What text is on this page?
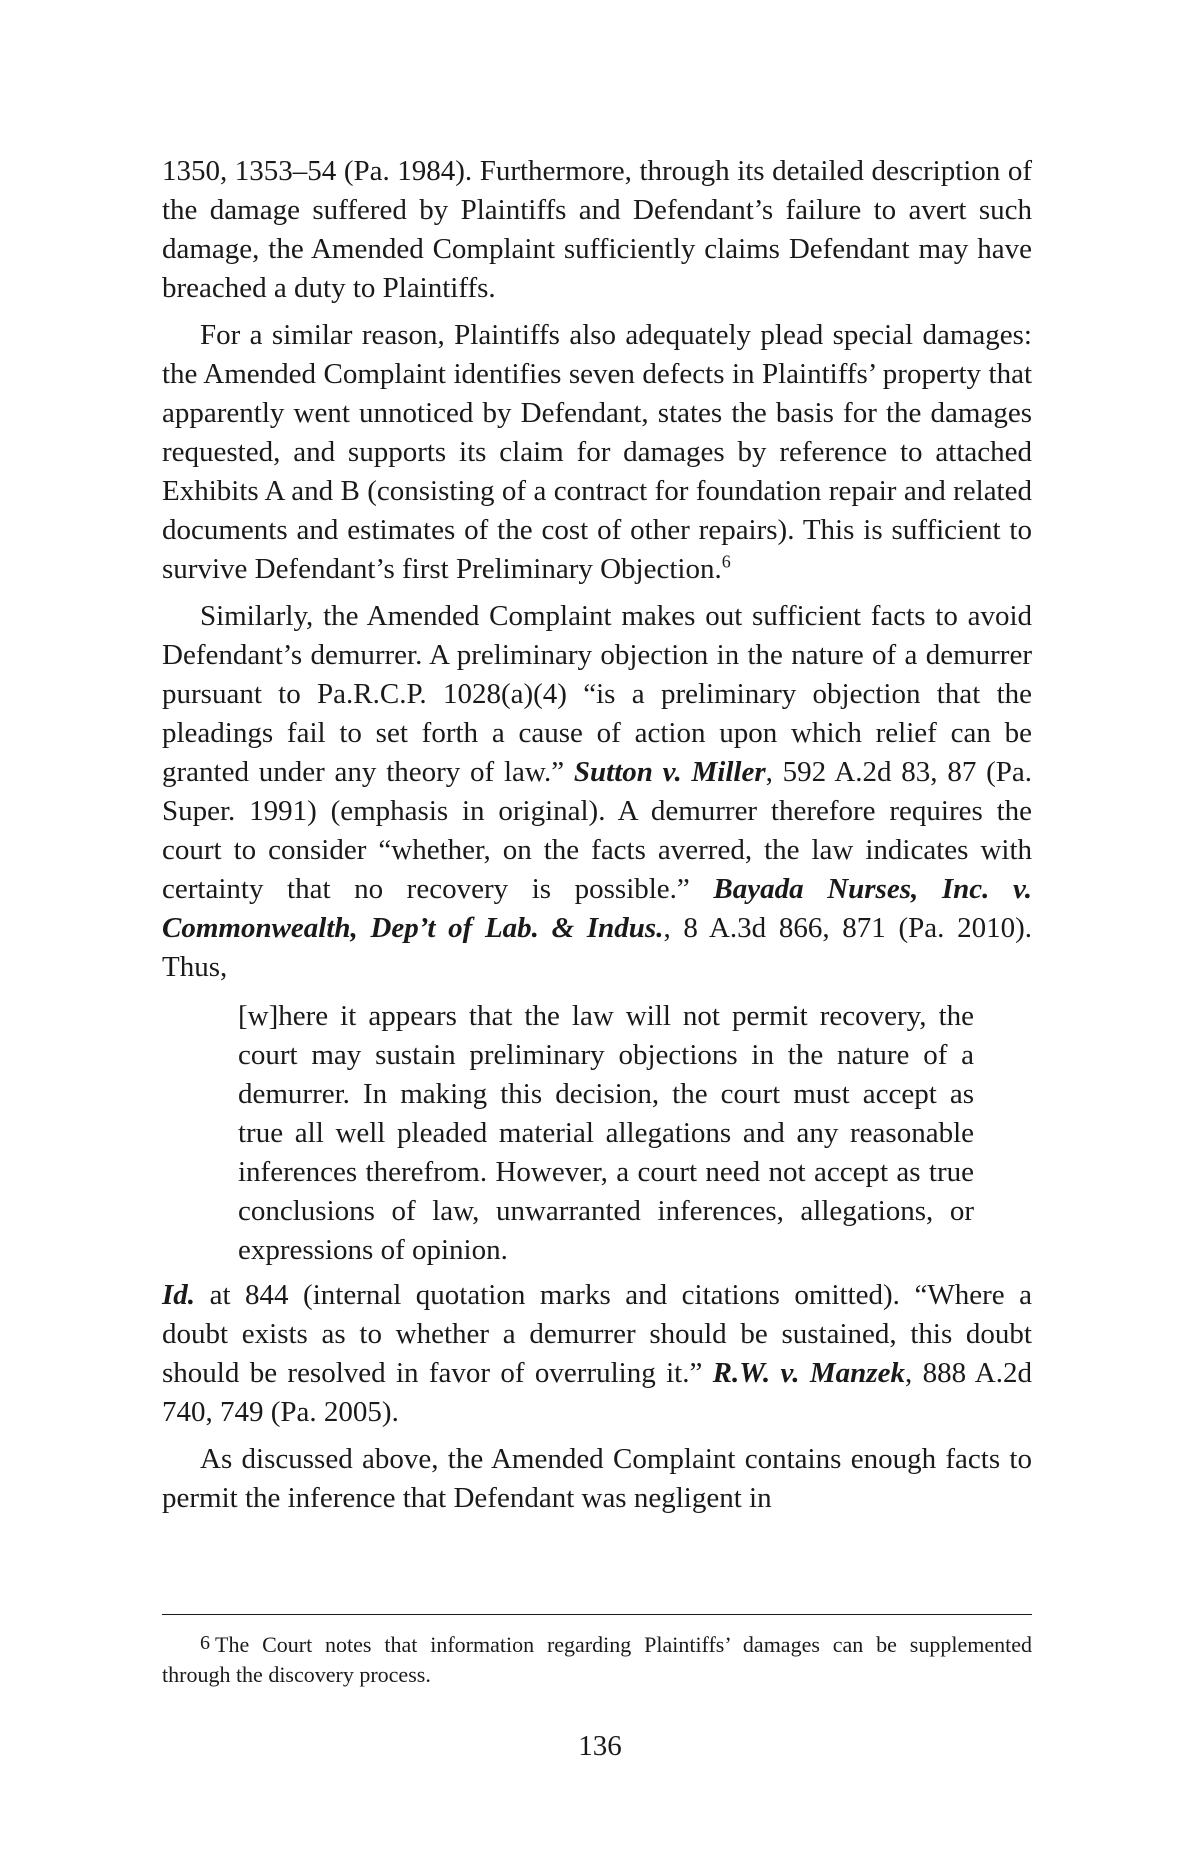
1350, 1353–54 (Pa. 1984). Furthermore, through its detailed description of the damage suffered by Plaintiffs and Defendant’s failure to avert such damage, the Amended Complaint sufficiently claims Defendant may have breached a duty to Plaintiffs.

For a similar reason, Plaintiffs also adequately plead special damages: the Amended Complaint identifies seven defects in Plaintiffs’ property that apparently went unnoticed by Defendant, states the basis for the damages requested, and supports its claim for damages by reference to attached Exhibits A and B (consisting of a contract for foundation repair and related documents and estimates of the cost of other repairs). This is sufficient to survive Defendant’s first Preliminary Objection.$^6$

Similarly, the Amended Complaint makes out sufficient facts to avoid Defendant’s demurrer. A preliminary objection in the nature of a demurrer pursuant to Pa.R.C.P. 1028(a)(4) “is a preliminary objection that the pleadings fail to set forth a cause of action upon which relief can be granted under any theory of law.” Sutton v. Miller, 592 A.2d 83, 87 (Pa. Super. 1991) (emphasis in original). A demurrer therefore requires the court to consider “whether, on the facts averred, the law indicates with certainty that no recovery is possible.” Bayada Nurses, Inc. v. Commonwealth, Dep’t of Lab. & Indus., 8 A.3d 866, 871 (Pa. 2010). Thus,

[w]here it appears that the law will not permit recovery, the court may sustain preliminary objections in the nature of a demurrer. In making this decision, the court must accept as true all well pleaded material allegations and any reasonable inferences therefrom. However, a court need not accept as true conclusions of law, unwarranted inferences, allegations, or expressions of opinion.

Id. at 844 (internal quotation marks and citations omitted). “Where a doubt exists as to whether a demurrer should be sustained, this doubt should be resolved in favor of overruling it.” R.W. v. Manzek, 888 A.2d 740, 749 (Pa. 2005).

As discussed above, the Amended Complaint contains enough facts to permit the inference that Defendant was negligent in

$^6$ The Court notes that information regarding Plaintiffs’ damages can be supplemented through the discovery process.
136
